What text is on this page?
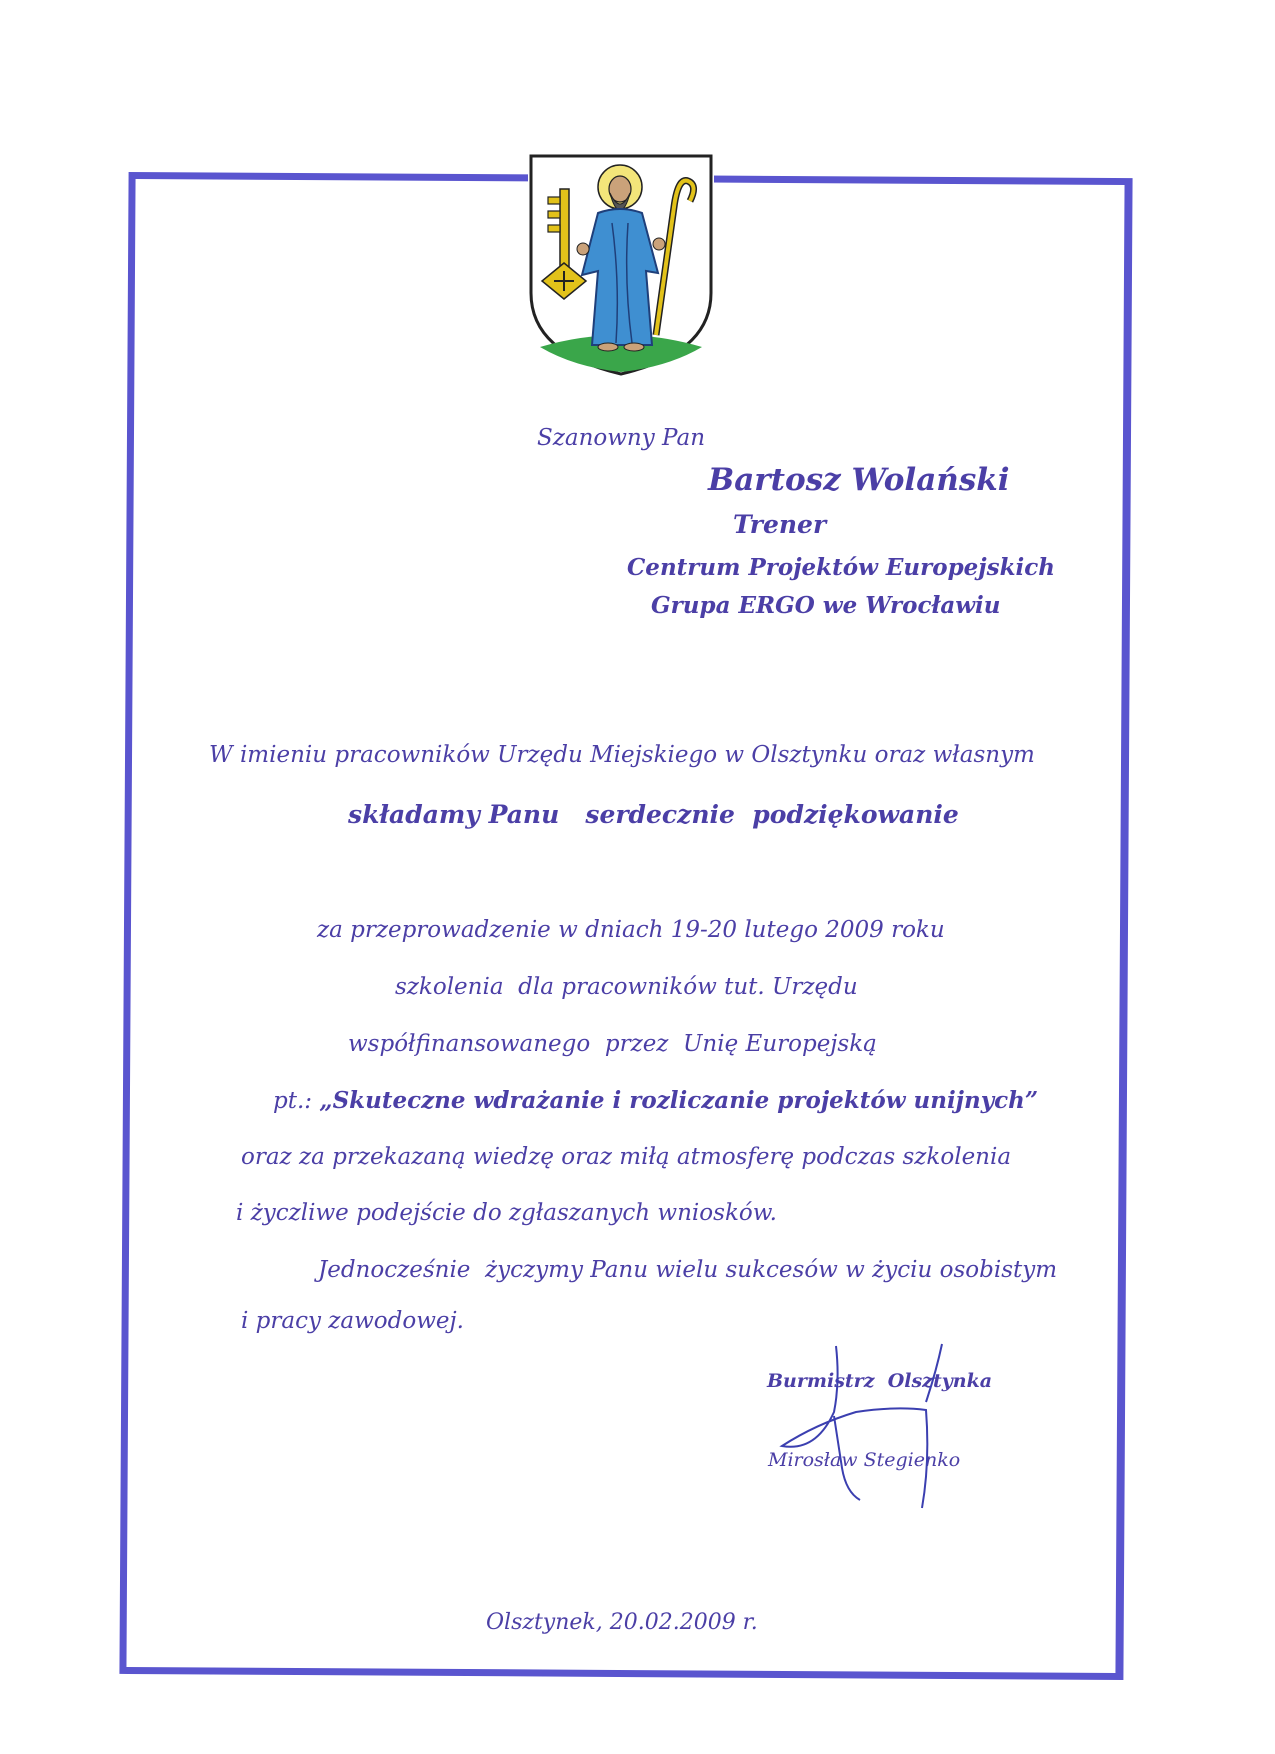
Szanowny Pan
Bartosz Wolański
Trener
Centrum Projektów Europejskich
Grupa ERGO we Wrocławiu
W imieniu pracowników Urzędu Miejskiego w Olsztynku oraz własnym
składamy Panu   serdecznie  podziękowanie
za przeprowadzenie w dniach 19-20 lutego 2009 roku
szkolenia  dla pracowników tut. Urzędu
współfinansowanego  przez  Unię Europejską
pt.: „Skuteczne wdrażanie i rozliczanie projektów unijnych”
oraz za przekazaną wiedzę oraz miłą atmosferę podczas szkolenia
i życzliwe podejście do zgłaszanych wniosków.
Jednocześnie  życzymy Panu wielu sukcesów w życiu osobistym
i pracy zawodowej.
Burmistrz  Olsztynka
Mirosław Stegienko
Olsztynek, 20.02.2009 r.
